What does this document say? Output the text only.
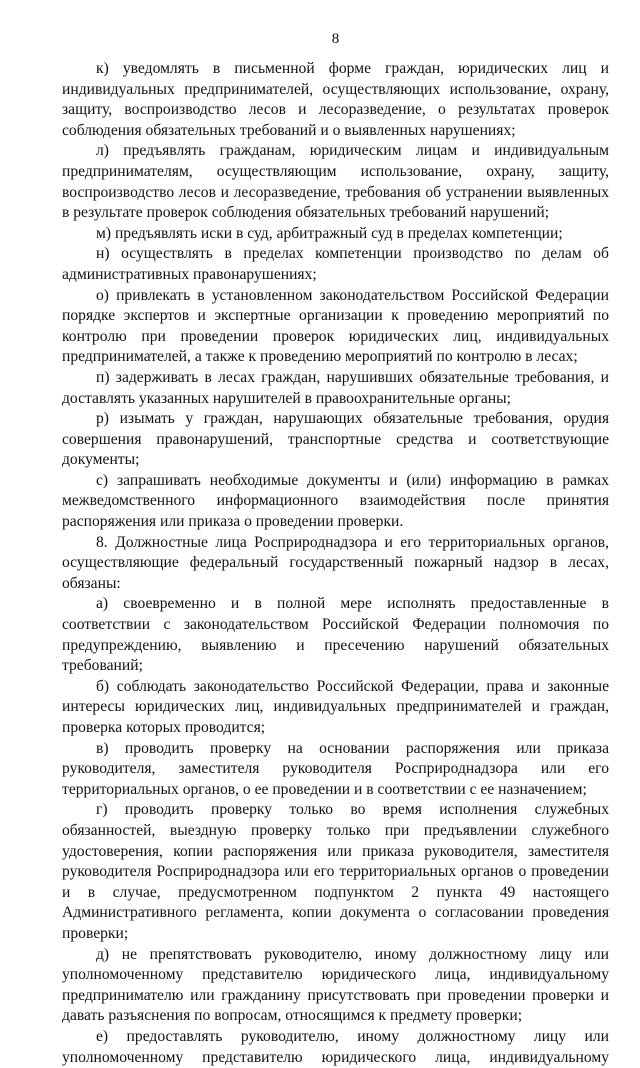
8

к) уведомлять в письменной форме граждан, юридических лиц и индивидуальных предпринимателей, осуществляющих использование, охрану, защиту, воспроизводство лесов и лесоразведение, о результатах проверок соблюдения обязательных требований и о выявленных нарушениях;

л) предъявлять гражданам, юридическим лицам и индивидуальным предпринимателям, осуществляющим использование, охрану, защиту, воспроизводство лесов и лесоразведение, требования об устранении выявленных в результате проверок соблюдения обязательных требований нарушений;

м) предъявлять иски в суд, арбитражный суд в пределах компетенции;

н) осуществлять в пределах компетенции производство по делам об административных правонарушениях;

о) привлекать в установленном законодательством Российской Федерации порядке экспертов и экспертные организации к проведению мероприятий по контролю при проведении проверок юридических лиц, индивидуальных предпринимателей, а также к проведению мероприятий по контролю в лесах;

п) задерживать в лесах граждан, нарушивших обязательные требования, и доставлять указанных нарушителей в правоохранительные органы;

р) изымать у граждан, нарушающих обязательные требования, орудия совершения правонарушений, транспортные средства и соответствующие документы;

с) запрашивать необходимые документы и (или) информацию в рамках межведомственного информационного взаимодействия после принятия распоряжения или приказа о проведении проверки.

8. Должностные лица Росприроднадзора и его территориальных органов, осуществляющие федеральный государственный пожарный надзор в лесах, обязаны:

а) своевременно и в полной мере исполнять предоставленные в соответствии с законодательством Российской Федерации полномочия по предупреждению, выявлению и пресечению нарушений обязательных требований;

б) соблюдать законодательство Российской Федерации, права и законные интересы юридических лиц, индивидуальных предпринимателей и граждан, проверка которых проводится;

в) проводить проверку на основании распоряжения или приказа руководителя, заместителя руководителя Росприроднадзора или его территориальных органов, о ее проведении и в соответствии с ее назначением;

г) проводить проверку только во время исполнения служебных обязанностей, выездную проверку только при предъявлении служебного удостоверения, копии распоряжения или приказа руководителя, заместителя руководителя Росприроднадзора или его территориальных органов о проведении и в случае, предусмотренном подпунктом 2 пункта 49 настоящего Административного регламента, копии документа о согласовании проведения проверки;

д) не препятствовать руководителю, иному должностному лицу или уполномоченному представителю юридического лица, индивидуальному предпринимателю или гражданину присутствовать при проведении проверки и давать разъяснения по вопросам, относящимся к предмету проверки;

е) предоставлять руководителю, иному должностному лицу или уполномоченному представителю юридического лица, индивидуальному
